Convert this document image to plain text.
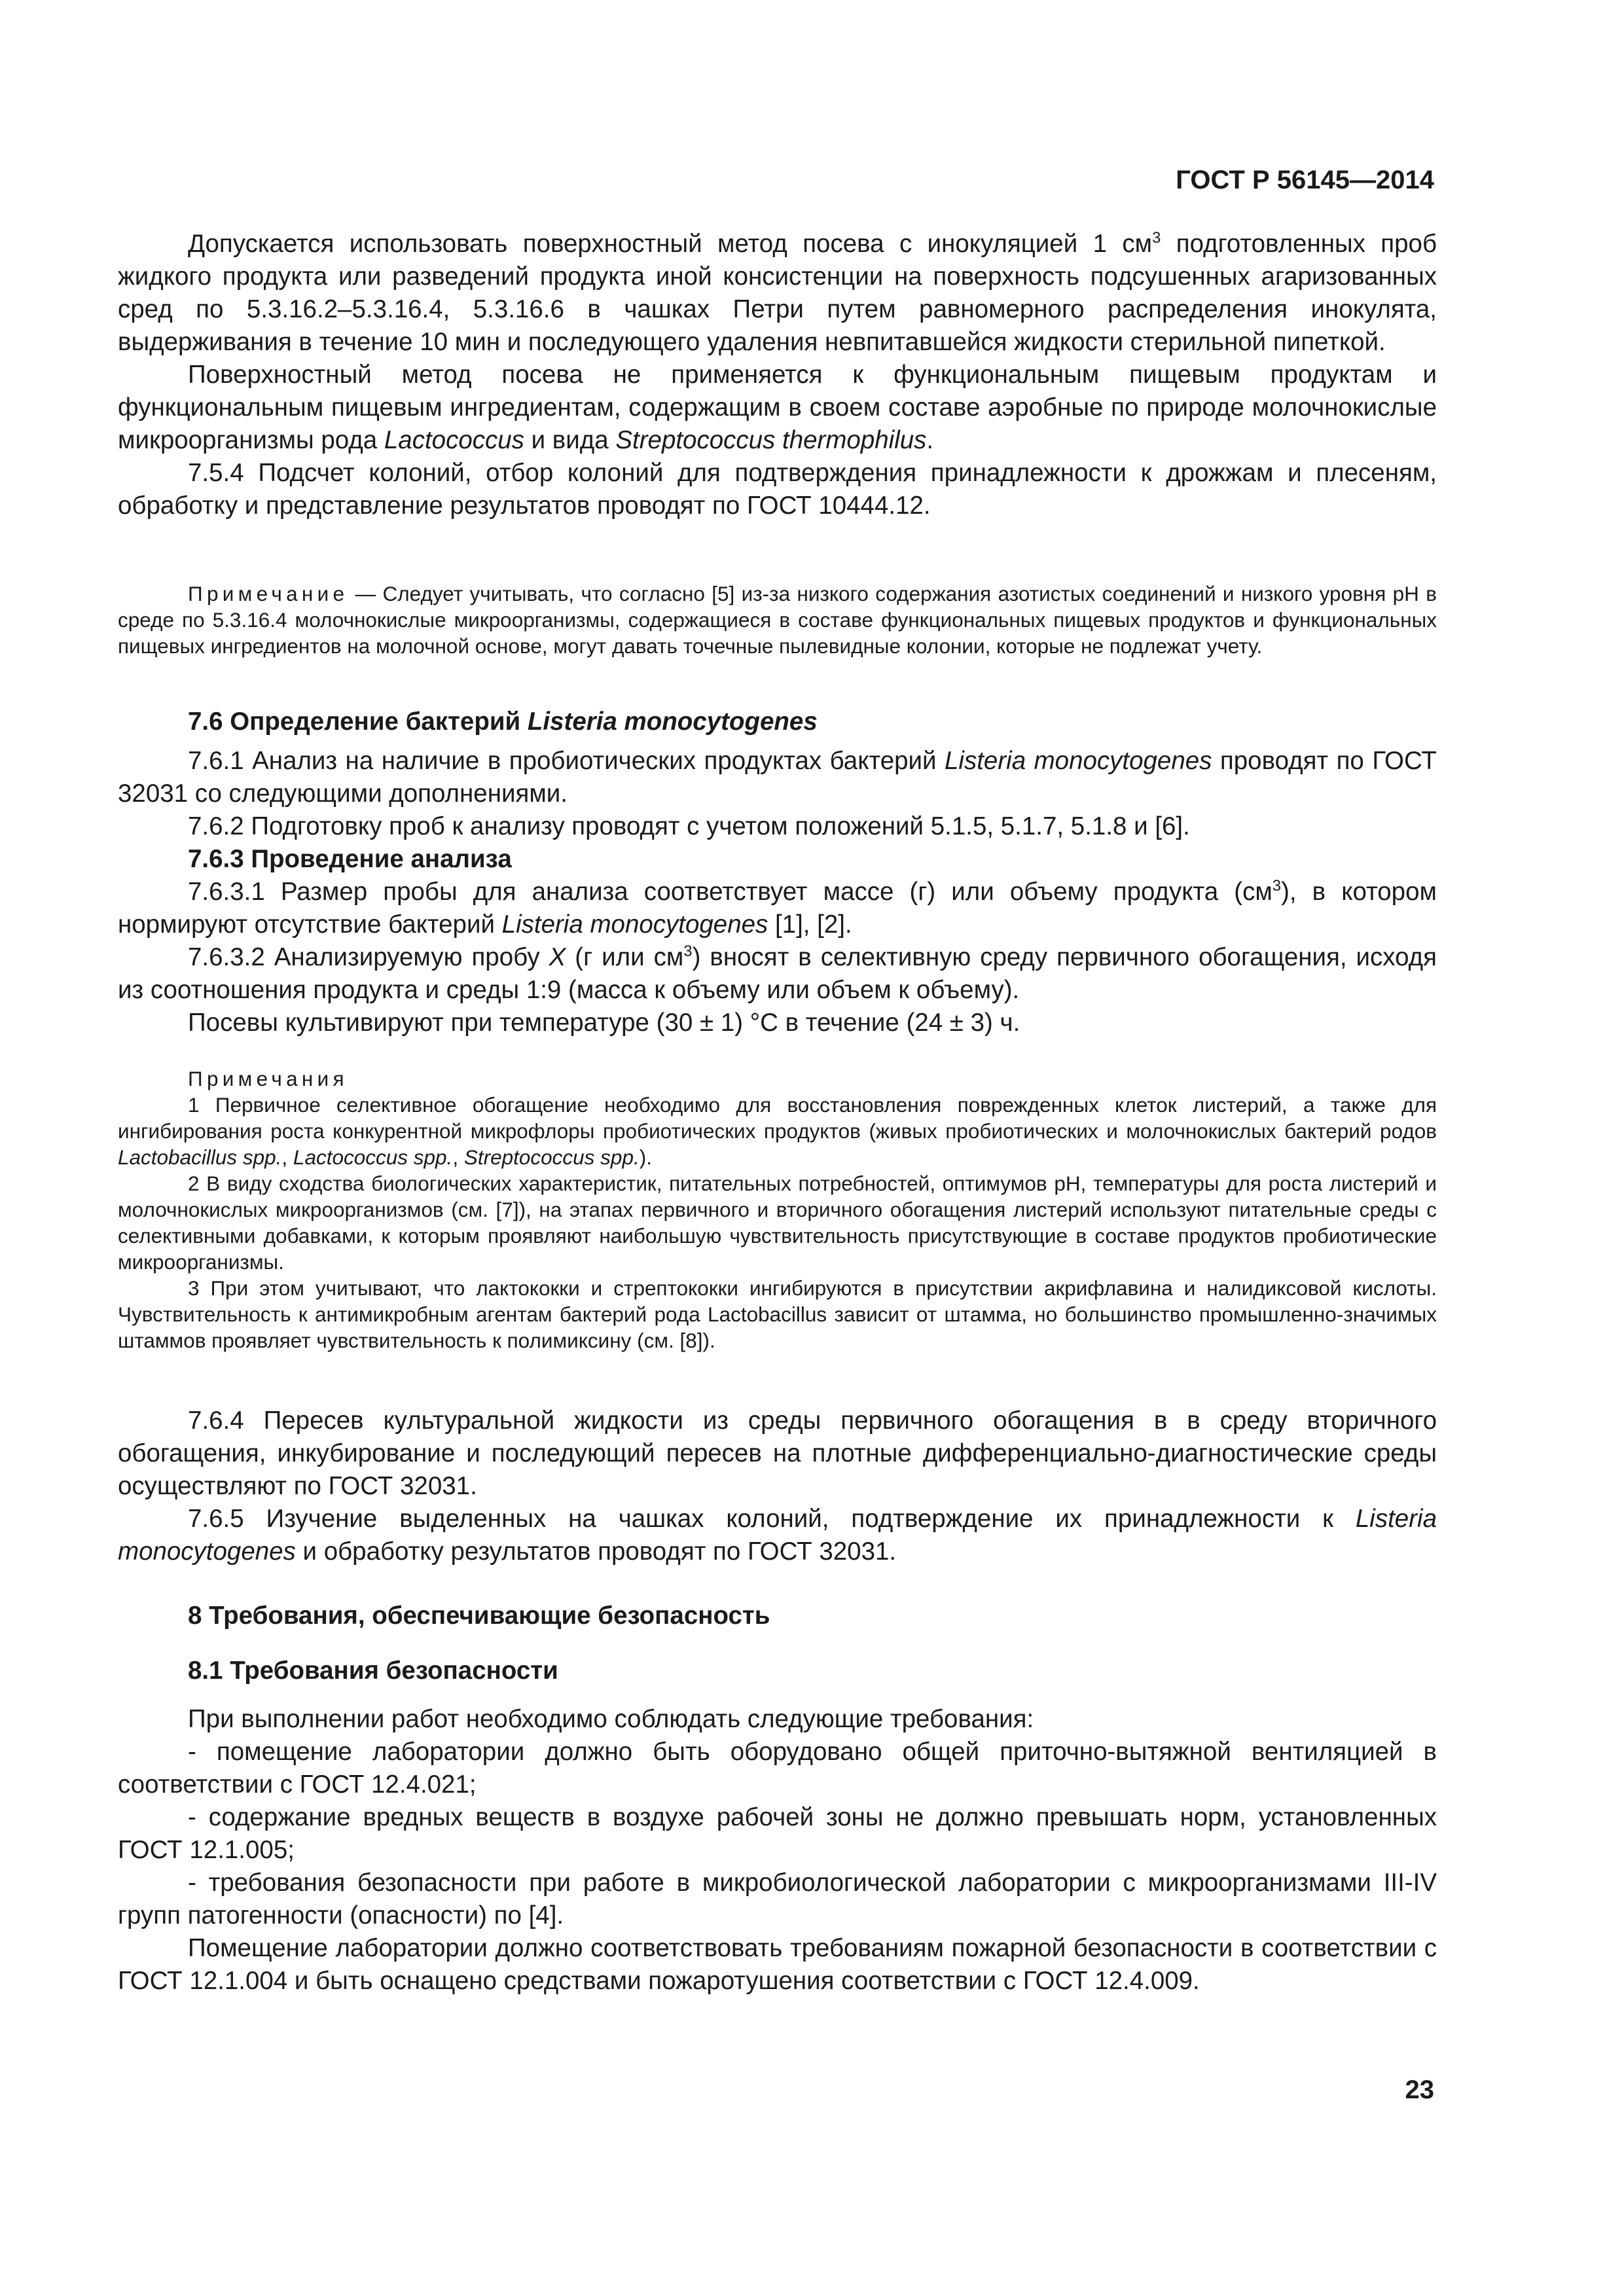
ГОСТ Р 56145—2014

Допускается использовать поверхностный метод посева с инокуляцией 1 $см^3$ подготовленных проб жидкого продукта или разведений продукта иной консистенции на поверхность подсушенных агаризованных сред по 5.3.16.2–5.3.16.4, 5.3.16.6 в чашках Петри путем равномерного распределения инокулята, выдерживания в течение 10 мин и последующего удаления невпитавшейся жидкости стерильной пипеткой.

Поверхностный метод посева не применяется к функциональным пищевым продуктам и функциональным пищевым ингредиентам, содержащим в своем составе аэробные по природе молочнокислые микроорганизмы рода Lactococcus и вида Streptococcus thermophilus.

7.5.4 Подсчет колоний, отбор колоний для подтверждения принадлежности к дрожжам и плесеням, обработку и представление результатов проводят по ГОСТ 10444.12.

Примечание — Следует учитывать, что согласно [5] из-за низкого содержания азотистых соединений и низкого уровня pH в среде по 5.3.16.4 молочнокислые микроорганизмы, содержащиеся в составе функциональных пищевых продуктов и функциональных пищевых ингредиентов на молочной основе, могут давать точечные пылевидные колонии, которые не подлежат учету.

7.6 Определение бактерий Listeria monocytogenes

7.6.1 Анализ на наличие в пробиотических продуктах бактерий Listeria monocytogenes проводят по ГОСТ 32031 со следующими дополнениями.

7.6.2 Подготовку проб к анализу проводят с учетом положений 5.1.5, 5.1.7, 5.1.8 и [6].

7.6.3 Проведение анализа

7.6.3.1 Размер пробы для анализа соответствует массе (г) или объему продукта $(см^3)$, в котором нормируют отсутствие бактерий Listeria monocytogenes [1], [2].

7.6.3.2 Анализируемую пробу X (г или $см^3$) вносят в селективную среду первичного обогащения, исходя из соотношения продукта и среды 1:9 (масса к объему или объем к объему).

Посевы культивируют при температуре (30 ± 1) °С в течение (24 ± 3) ч.

Примечания

1 Первичное селективное обогащение необходимо для восстановления поврежденных клеток листерий, а также для ингибирования роста конкурентной микрофлоры пробиотических продуктов (живых пробиотических и молочнокислых бактерий родов Lactobacillus spp., Lactococcus spp., Streptococcus spp.).

2 В виду сходства биологических характеристик, питательных потребностей, оптимумов pH, температуры для роста листерий и молочнокислых микроорганизмов (см. [7]), на этапах первичного и вторичного обогащения листерий используют питательные среды с селективными добавками, к которым проявляют наибольшую чувствительность присутствующие в составе продуктов пробиотические микроорганизмы.

3 При этом учитывают, что лактококки и стрептококки ингибируются в присутствии акрифлавина и налидиксовой кислоты. Чувствительность к антимикробным агентам бактерий рода Lactobacillus зависит от штамма, но большинство промышленно-значимых штаммов проявляет чувствительность к полимиксину (см. [8]).

7.6.4 Пересев культуральной жидкости из среды первичного обогащения в в среду вторичного обогащения, инкубирование и последующий пересев на плотные дифференциально-диагностические среды осуществляют по ГОСТ 32031.

7.6.5 Изучение выделенных на чашках колоний, подтверждение их принадлежности к Listeria monocytogenes и обработку результатов проводят по ГОСТ 32031.

8 Требования, обеспечивающие безопасность

8.1 Требования безопасности

При выполнении работ необходимо соблюдать следующие требования:

- помещение лаборатории должно быть оборудовано общей приточно-вытяжной вентиляцией в соответствии с ГОСТ 12.4.021;

- содержание вредных веществ в воздухе рабочей зоны не должно превышать норм, установленных ГОСТ 12.1.005;

- требования безопасности при работе в микробиологической лаборатории с микроорганизмами III-IV групп патогенности (опасности) по [4].

Помещение лаборатории должно соответствовать требованиям пожарной безопасности в соответствии с ГОСТ 12.1.004 и быть оснащено средствами пожаротушения соответствии с ГОСТ 12.4.009.

23
